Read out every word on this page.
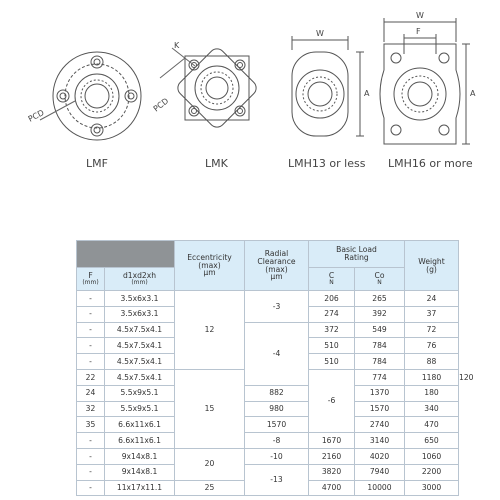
PCD
PCD
K
W
A
W
F
A
LMF	LMK	LMH13 or less LMH16 or more
		Eccentricity
(max)
μm	Radial
Clearance
(max)
μm	Basic Load
Rating		Weight
(g)	
F
(mm)	d1xd2xh
(mm)			C
N	Co
N		

-	3.5x6x3.1	12	-3	206	265	24	
-	3.5x6x3.1			274	392	37	
-	4.5x7.5x4.1		-4	372	549	72	
-	4.5x7.5x4.1			510	784	76	
-	4.5x7.5x4.1			510	784	88	
22	4.5x7.5x4.1	15		-6	774	1180	120
24	5.5x9x5.1		882		1370	180	
32	5.5x9x5.1		980		1570	340	
35	6.6x11x6.1		1570		2740	470	
-	6.6x11x6.1		-8	1670	3140	650	
-	9x14x8.1	20	-10	2160	4020	1060	
-	9x14x8.1		-13	3820	7940	2200	
-	11x17x11.1	25		4700	10000	3000	
